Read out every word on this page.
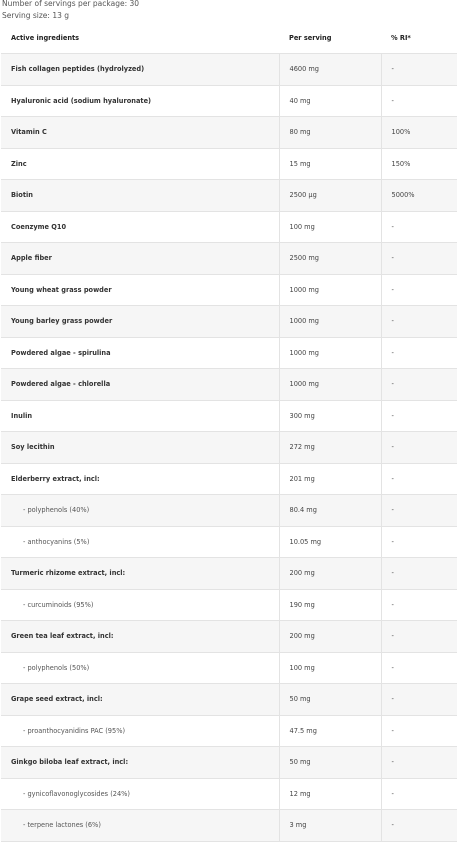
Number of servings per package: 30
Serving size: 13 g
Active ingredients	Per serving	% RI*
Fish collagen peptides (hydrolyzed)	4600 mg	-
Hyaluronic acid (sodium hyaluronate)	40 mg	-
Vitamin C	80 mg	100%
Zinc	15 mg	150%
Biotin	2500 µg	5000%
Coenzyme Q10	100 mg	-
Apple fiber	2500 mg	-
Young wheat grass powder	1000 mg	-
Young barley grass powder	1000 mg	-
Powdered algae - spirulina	1000 mg	-
Powdered algae - chlorella	1000 mg	-
Inulin	300 mg	-
Soy lecithin	272 mg	-
Elderberry extract, incl:	201 mg	-
- polyphenols (40%)	80.4 mg	-
- anthocyanins (5%)	10.05 mg	-
Turmeric rhizome extract, incl:	200 mg	-
- curcuminoids (95%)	190 mg	-
Green tea leaf extract, incl:	200 mg	-
- polyphenols (50%)	100 mg	-
Grape seed extract, incl:	50 mg	-
- proanthocyanidins PAC (95%)	47.5 mg	-
Ginkgo biloba leaf extract, incl:	50 mg	-
- gynicoflavonoglycosides (24%)	12 mg	-
- terpene lactones (6%)	3 mg	-
